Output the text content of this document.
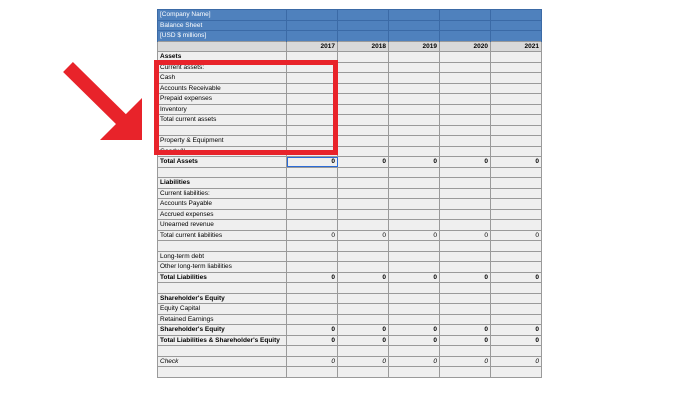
[Company Name]					
Balance Sheet					
[USD $ millions]					
	2017	2018	2019	2020	2021
Assets					
Current assets:					
Cash					
Accounts Receivable					
Prepaid expenses					
Inventory					
Total current assets					

Property & Equipment					
Goodwill					
Total Assets	0	0	0	0	0

Liabilities					
Current liabilities:					
Accounts Payable					
Accrued expenses					
Unearned revenue					
Total current liabilities	0	0	0	0	0

Long-term debt					
Other long-term liabilities					
Total Liabilities	0	0	0	0	0

Shareholder's Equity					
Equity Capital					
Retained Earnings					
Shareholder's Equity	0	0	0	0	0
Total Liabilities & Shareholder's Equity	0	0	0	0	0

Check	0	0	0	0	0
